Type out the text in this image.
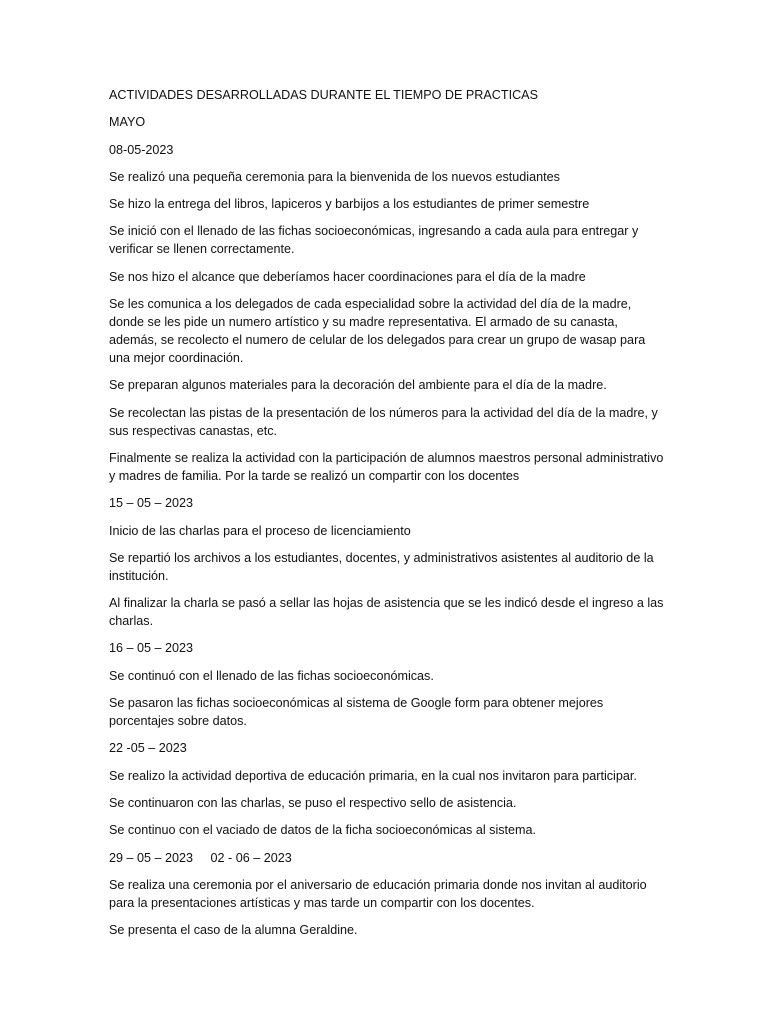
ACTIVIDADES DESARROLLADAS DURANTE EL TIEMPO DE PRACTICAS

MAYO

08-05-2023

Se realizó una pequeña ceremonia para la bienvenida de los nuevos estudiantes

Se hizo la entrega del libros, lapiceros y barbijos a los estudiantes de primer semestre

Se inició con el llenado de las fichas socioeconómicas, ingresando a cada aula para entregar y verificar se llenen correctamente.

Se nos hizo el alcance que deberíamos hacer coordinaciones para el día de la madre

Se les comunica a los delegados de cada especialidad sobre la actividad del día de la madre, donde se les pide un numero artístico y su madre representativa. El armado de su canasta, además, se recolecto el numero de celular de los delegados para crear un grupo de wasap para una mejor coordinación.

Se preparan algunos materiales para la decoración del ambiente para el día de la madre.

Se recolectan las pistas de la presentación de los números para la actividad del día de la madre, y sus respectivas canastas, etc.

Finalmente se realiza la actividad con la participación de alumnos maestros personal administrativo y madres de familia. Por la tarde se realizó un compartir con los docentes

15 – 05 – 2023

Inicio de las charlas para el proceso de licenciamiento

Se repartió los archivos a los estudiantes, docentes, y administrativos asistentes al auditorio de la institución.

Al finalizar la charla se pasó a sellar las hojas de asistencia que se les indicó desde el ingreso a las charlas.

16 – 05 – 2023

Se continuó con el llenado de las fichas socioeconómicas.

Se pasaron las fichas socioeconómicas al sistema de Google form para obtener mejores porcentajes sobre datos.

22 -05 – 2023

Se realizo la actividad deportiva de educación primaria, en la cual nos invitaron para participar.

Se continuaron con las charlas, se puso el respectivo sello de asistencia.

Se continuo con el vaciado de datos de la ficha socioeconómicas al sistema.

29 – 05 – 2023     02 - 06 – 2023

Se realiza una ceremonia por el aniversario de educación primaria donde nos invitan al auditorio para la presentaciones artísticas y mas tarde un compartir con los docentes.

Se presenta el caso de la alumna Geraldine.
